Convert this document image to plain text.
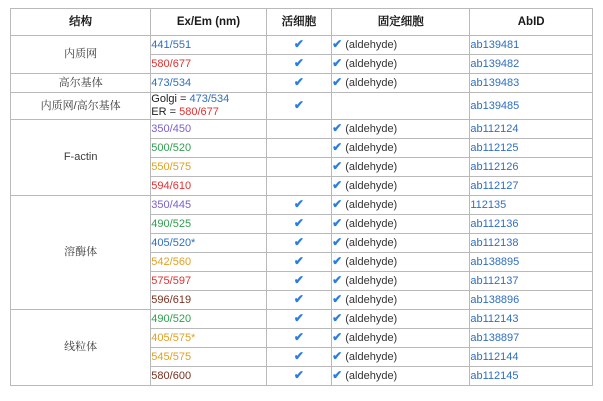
结构	Ex/Em (nm)	活细胞	固定细胞	AbID
内质网	441/551	✔	✔ (aldehyde)	ab139481
	580/677	✔	✔ (aldehyde)	ab139482
高尔基体	473/534	✔	✔ (aldehyde)	ab139483
内质网/高尔基体	Golgi = 473/534
ER = 580/677	✔		ab139485
F-actin	350/450		✔ (aldehyde)	ab112124
	500/520		✔ (aldehyde)	ab112125
	550/575		✔ (aldehyde)	ab112126
	594/610		✔ (aldehyde)	ab112127
溶酶体	350/445	✔	✔ (aldehyde)	112135
	490/525	✔	✔ (aldehyde)	ab112136
	405/520*	✔	✔ (aldehyde)	ab112138
	542/560	✔	✔ (aldehyde)	ab138895
	575/597	✔	✔ (aldehyde)	ab112137
	596/619	✔	✔ (aldehyde)	ab138896
线粒体	490/520	✔	✔ (aldehyde)	ab112143
	405/575*	✔	✔ (aldehyde)	ab138897
	545/575	✔	✔ (aldehyde)	ab112144
	580/600	✔	✔ (aldehyde)	ab112145
